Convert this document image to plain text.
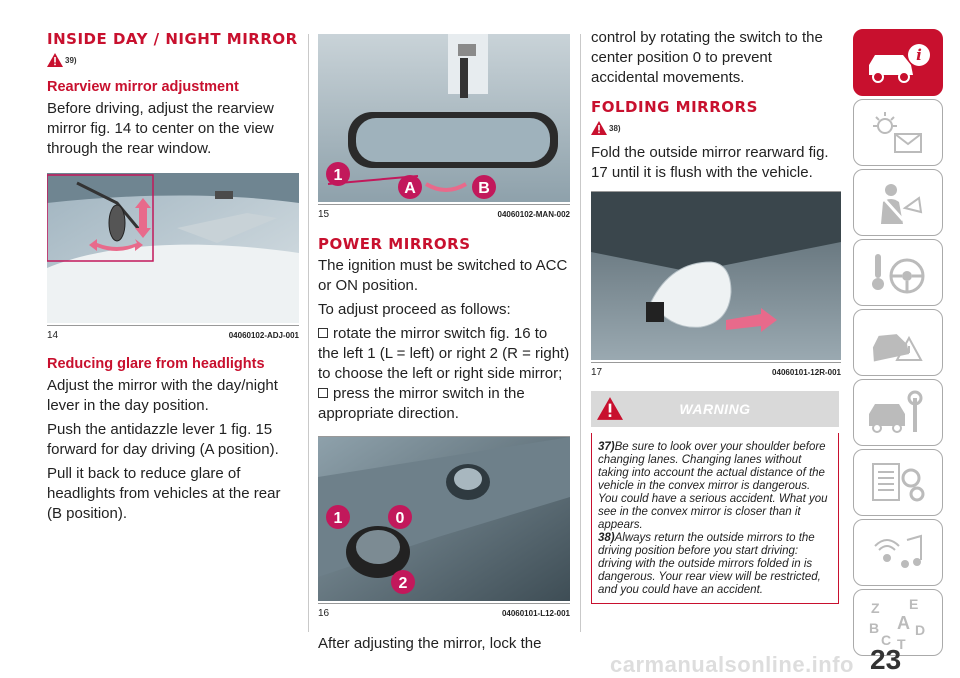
INSIDE DAY / NIGHT MIRROR
39)
Rearview mirror adjustment

Before driving, adjust the rearview mirror fig. 14 to center on the view through the rear window.

14	04060102-ADJ-001
Reducing glare from headlights

Adjust the mirror with the day/night lever in the day position.

Push the antidazzle lever 1 fig. 15 forward for day driving (A position).

Pull it back to reduce glare of headlights from vehicles at the rear (B position).

1
A	B
15	04060102-MAN-002
POWER MIRRORS

The ignition must be switched to ACC or ON position.

To adjust proceed as follows:

rotate the mirror switch fig. 16 to the left 1 (L = left) or right 2 (R = right) to choose the left or right side mirror;

press the mirror switch in the appropriate direction.

1	0
2
16	04060101-L12-001

After adjusting the mirror, lock the

control by rotating the switch to the center position 0 to prevent accidental movements.

FOLDING MIRRORS
38)

Fold the outside mirror rearward fig. 17 until it is flush with the vehicle.

17	04060101-12R-001
WARNING

37)Be sure to look over your shoulder before changing lanes. Changing lanes without taking into account the actual distance of the vehicle in the convex mirror is dangerous. You could have a serious accident. What you see in the convex mirror is closer than it appears.

38)Always return the outside mirrors to the driving position before you start driving: driving with the outside mirrors folded in is dangerous. Your rear view will be restricted, and you could have an accident.

i
Z E
B A D
C T
23
carmanualsonline.info
